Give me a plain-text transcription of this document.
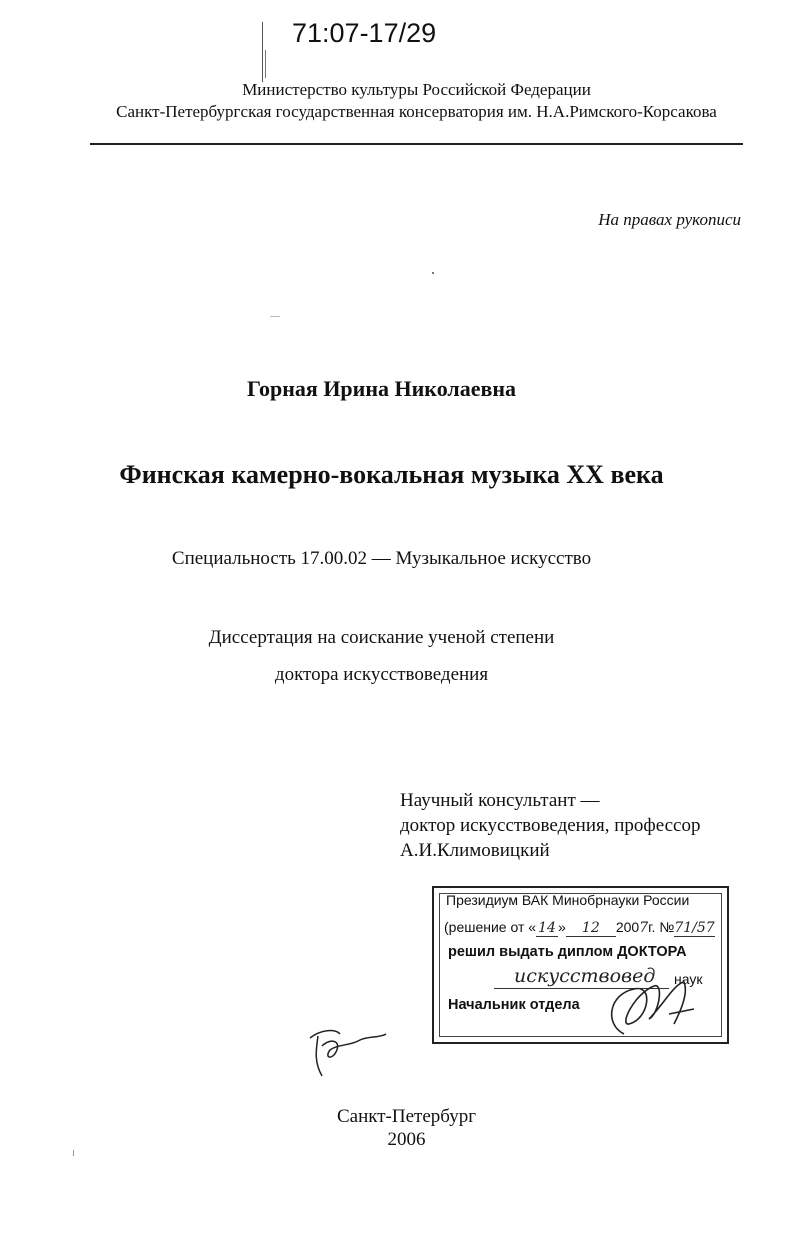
71:07-17/29
Министерство культуры Российской Федерации
Санкт-Петербургская государственная консерватория им. Н.А.Римского-Корсакова
На правах рукописи
Горная Ирина Николаевна
Финская камерно-вокальная музыка XX века
Специальность 17.00.02 — Музыкальное искусство
Диссертация на соискание ученой степени
доктора искусствоведения
Научный консультант —
доктор искусствоведения, профессор
А.И.Климовицкий
Президиум ВАК Минобрнауки России
(решение от « 14 » 12 2007г. №71/57
решил выдать диплом ДОКТОРА
искусствовед наук
Начальник отдела
Санкт-Петербург
2006
